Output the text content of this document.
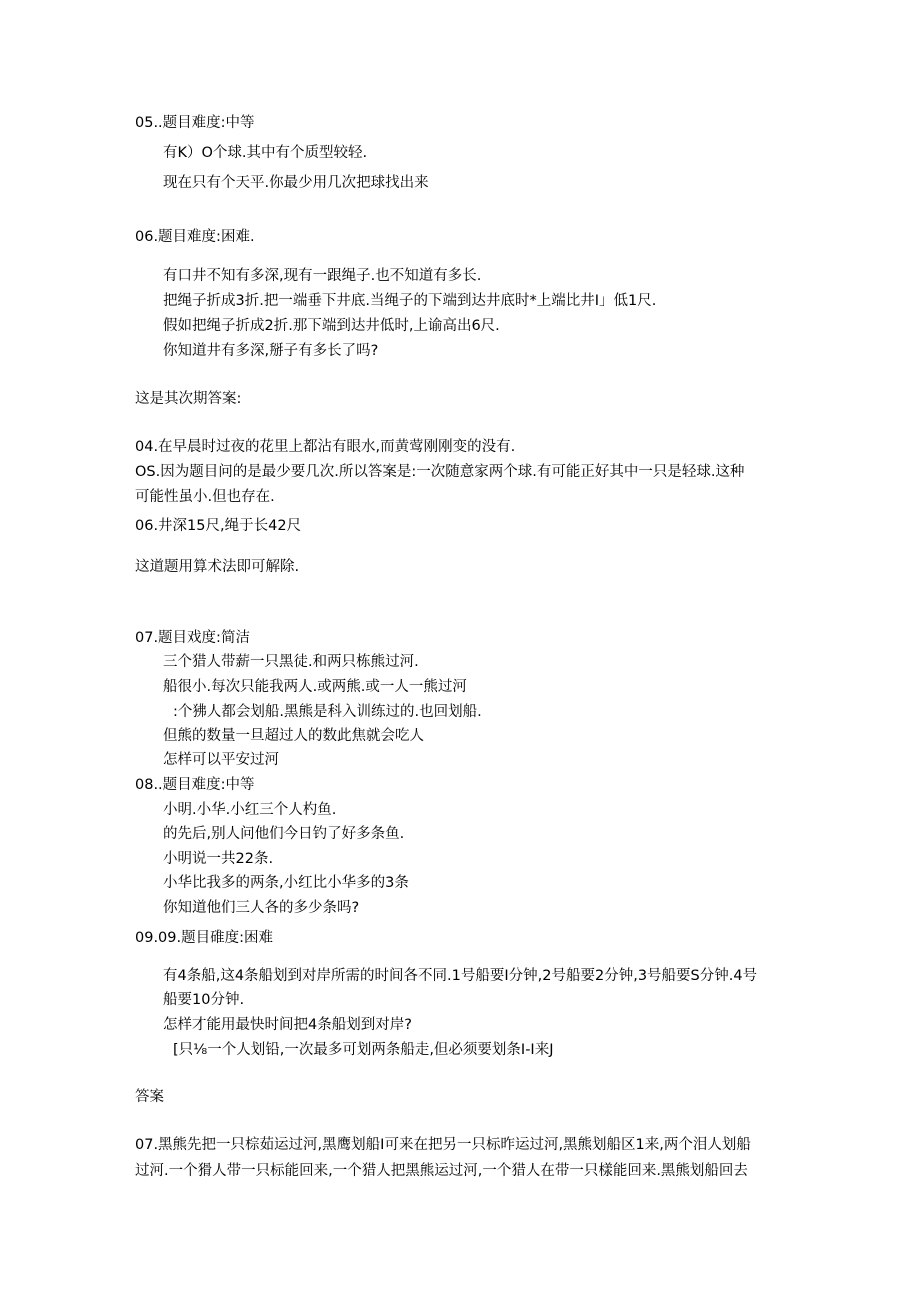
05..题目难度:中等
有K）O个球.其中有个质型较轻.
现在只有个天平.你最少用几次把球找出来
06.题目难度:困难.
有口井不知有多深,现有一跟绳子.也不知道有多长.
把绳子折成3折.把一端垂下井底.当绳子的下端到达井底时*上端比井I」低1尺.
假如把绳子折成2折.那下端到达井低时,上谕高出6尺.
你知道井有多深,掰子有多长了吗?
这是其次期答案:
04.在早晨时过夜的花里上都沾有眼水,而黄莺刚刚变的没有.
OS.因为题目问的是最少要几次.所以答案是:一次随意家两个球.有可能正好其中一只是轻球.这种
可能性虽小.但也存在.
06.井深15尺,绳于长42尺
这道题用算术法即可解除.
07.题目戏度:简洁
三个猎人带薪一只黑徒.和两只栋熊过河.
船很小.每次只能我两人.或两熊.或一人一熊过河
:个狒人都会划船.黑熊是科入训练过的.也回划船.
但熊的数量一旦超过人的数此焦就会吃人
怎样可以平安过河
08..题目难度:中等
小明.小华.小红三个人杓鱼.
的先后,别人问他们今日钓了好多条鱼.
小明说一共22条.
小华比我多的两条,小红比小华多的3条
你知道他们三人各的多少条吗?
09.09.题目碓度:困难
有4条船,这4条船划到对岸所需的时间各不同.1号船要I分钟,2号船要2分钟,3号船要S分钟.4号
船要10分钟.
怎样才能用最快时间把4条船划到对岸?
[只⅛一个人划铅,一次最多可划两条船走,但必须要划条I-I来J
答案
07.黑熊先把一只棕茹运过河,黑鹰划船I可来在把另一只标昨运过河,黑熊划船区1来,两个泪人划船
过河.一个猾人带一只标能回来,一个猎人把黑熊运过河,一个猎人在带一只樣能回来.黑熊划船回去
